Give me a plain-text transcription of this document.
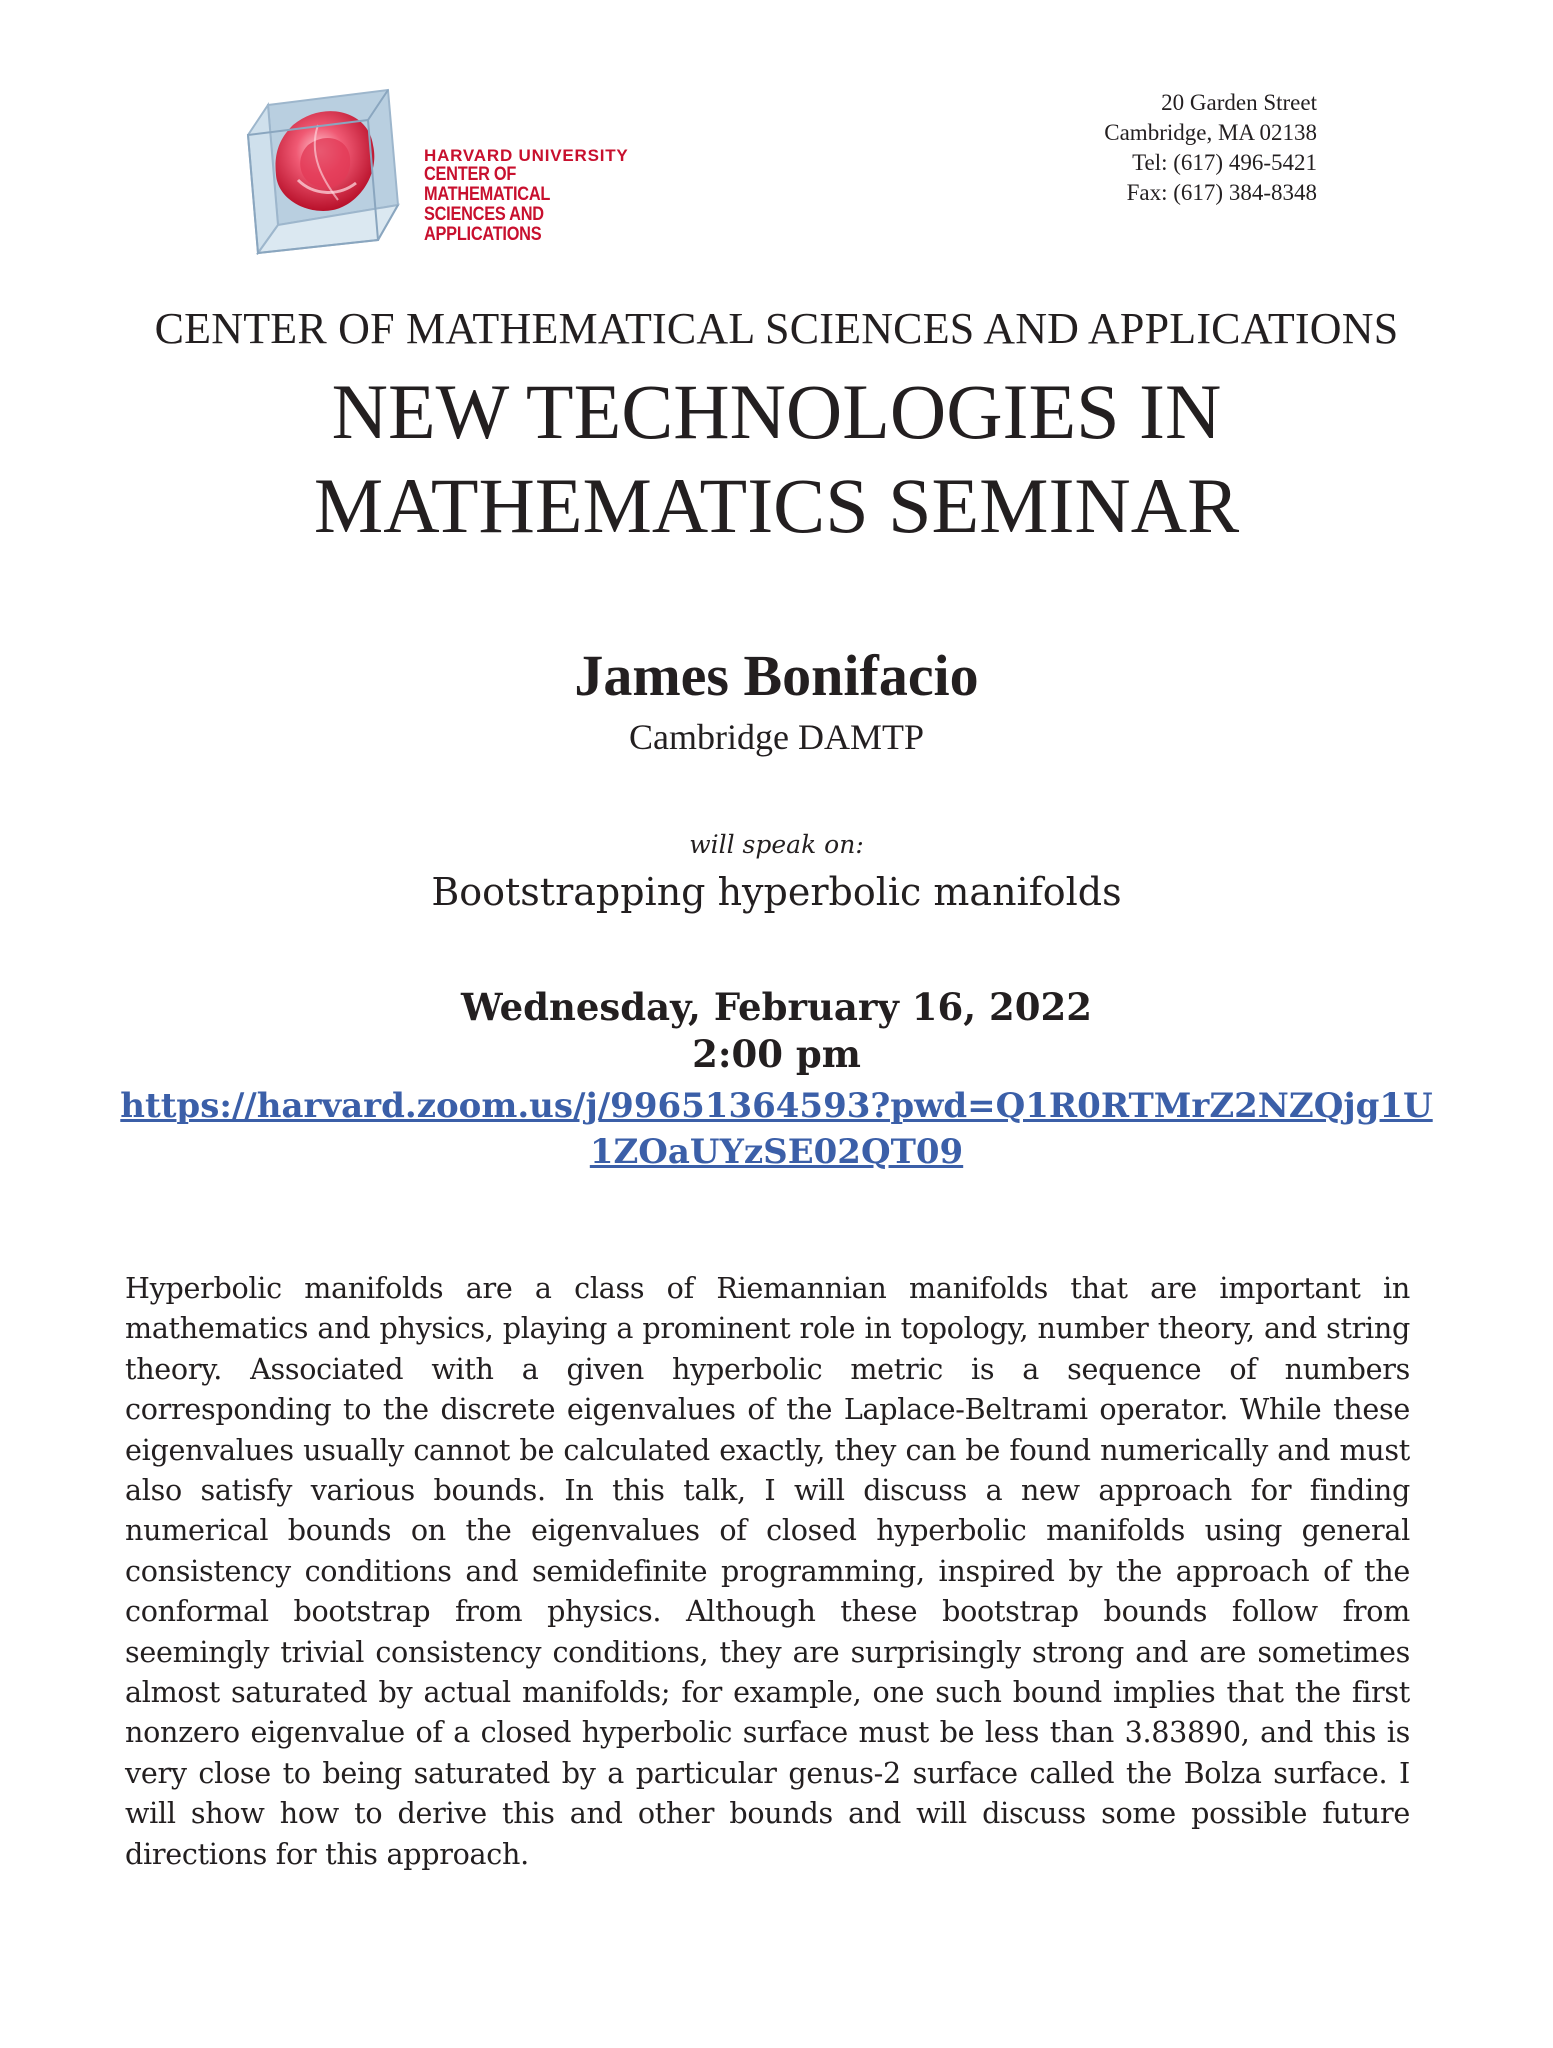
HARVARD UNIVERSITY
CENTER OF MATHEMATICAL
SCIENCES AND APPLICATIONS
20 Garden Street
Cambridge, MA 02138
Tel: (617) 496-5421
Fax: (617) 384-8348
CENTER OF MATHEMATICAL SCIENCES AND APPLICATIONS
NEW TECHNOLOGIES IN
MATHEMATICS SEMINAR
James Bonifacio
Cambridge DAMTP
will speak on:
Bootstrapping hyperbolic manifolds
Wednesday, February 16, 2022
2:00 pm
https://harvard.zoom.us/j/99651364593?pwd=Q1R0RTMrZ2NZQjg1U1ZOaUYzSE02QT09
Hyperbolic manifolds are a class of Riemannian manifolds that are important in mathematics and physics, playing a prominent role in topology, number theory, and string theory. Associated with a given hyperbolic metric is a sequence of numbers corresponding to the discrete eigenvalues of the Laplace-Beltrami operator. While these eigenvalues usually cannot be calculated exactly, they can be found numerically and must also satisfy various bounds. In this talk, I will discuss a new approach for finding numerical bounds on the eigenvalues of closed hyperbolic manifolds using general consistency conditions and semidefinite programming, inspired by the approach of the conformal bootstrap from physics. Although these bootstrap bounds follow from seemingly trivial consistency conditions, they are surprisingly strong and are sometimes almost saturated by actual manifolds; for example, one such bound implies that the first nonzero eigenvalue of a closed hyperbolic surface must be less than 3.83890, and this is very close to being saturated by a particular genus-2 surface called the Bolza surface. I will show how to derive this and other bounds and will discuss some possible future directions for this approach.
